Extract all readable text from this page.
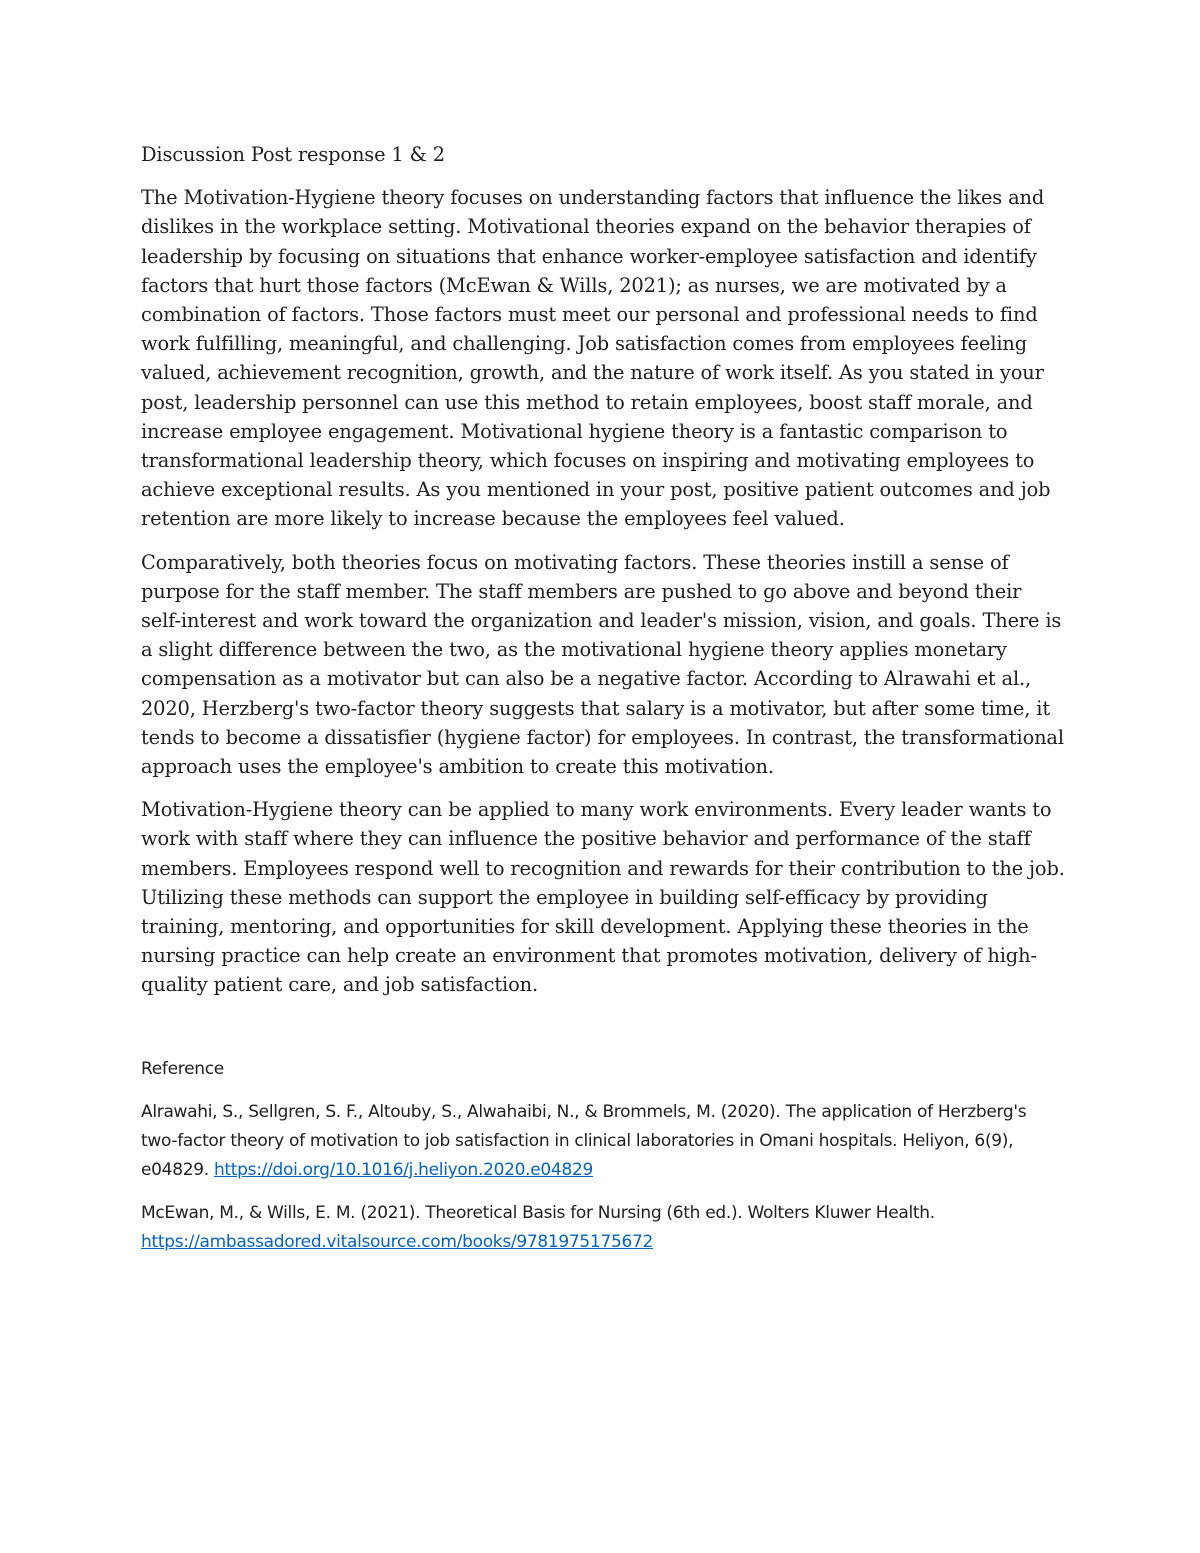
Discussion Post response 1 & 2

The Motivation-Hygiene theory focuses on understanding factors that influence the likes and dislikes in the workplace setting. Motivational theories expand on the behavior therapies of leadership by focusing on situations that enhance worker-employee satisfaction and identify factors that hurt those factors (McEwan & Wills, 2021); as nurses, we are motivated by a combination of factors. Those factors must meet our personal and professional needs to find work fulfilling, meaningful, and challenging. Job satisfaction comes from employees feeling valued, achievement recognition, growth, and the nature of work itself. As you stated in your post, leadership personnel can use this method to retain employees, boost staff morale, and increase employee engagement. Motivational hygiene theory is a fantastic comparison to transformational leadership theory, which focuses on inspiring and motivating employees to achieve exceptional results. As you mentioned in your post, positive patient outcomes and job retention are more likely to increase because the employees feel valued.

Comparatively, both theories focus on motivating factors. These theories instill a sense of purpose for the staff member. The staff members are pushed to go above and beyond their self-interest and work toward the organization and leader's mission, vision, and goals. There is a slight difference between the two, as the motivational hygiene theory applies monetary compensation as a motivator but can also be a negative factor. According to Alrawahi et al., 2020, Herzberg's two-factor theory suggests that salary is a motivator, but after some time, it tends to become a dissatisfier (hygiene factor) for employees. In contrast, the transformational approach uses the employee's ambition to create this motivation.

Motivation-Hygiene theory can be applied to many work environments. Every leader wants to work with staff where they can influence the positive behavior and performance of the staff members. Employees respond well to recognition and rewards for their contribution to the job. Utilizing these methods can support the employee in building self-efficacy by providing training, mentoring, and opportunities for skill development. Applying these theories in the nursing practice can help create an environment that promotes motivation, delivery of high-quality patient care, and job satisfaction.

Reference

Alrawahi, S., Sellgren, S. F., Altouby, S., Alwahaibi, N., & Brommels, M. (2020). The application of Herzberg's two-factor theory of motivation to job satisfaction in clinical laboratories in Omani hospitals. Heliyon, 6(9), e04829. https://doi.org/10.1016/j.heliyon.2020.e04829

McEwan, M., & Wills, E. M. (2021). Theoretical Basis for Nursing (6th ed.). Wolters Kluwer Health. https://ambassadored.vitalsource.com/books/9781975175672
